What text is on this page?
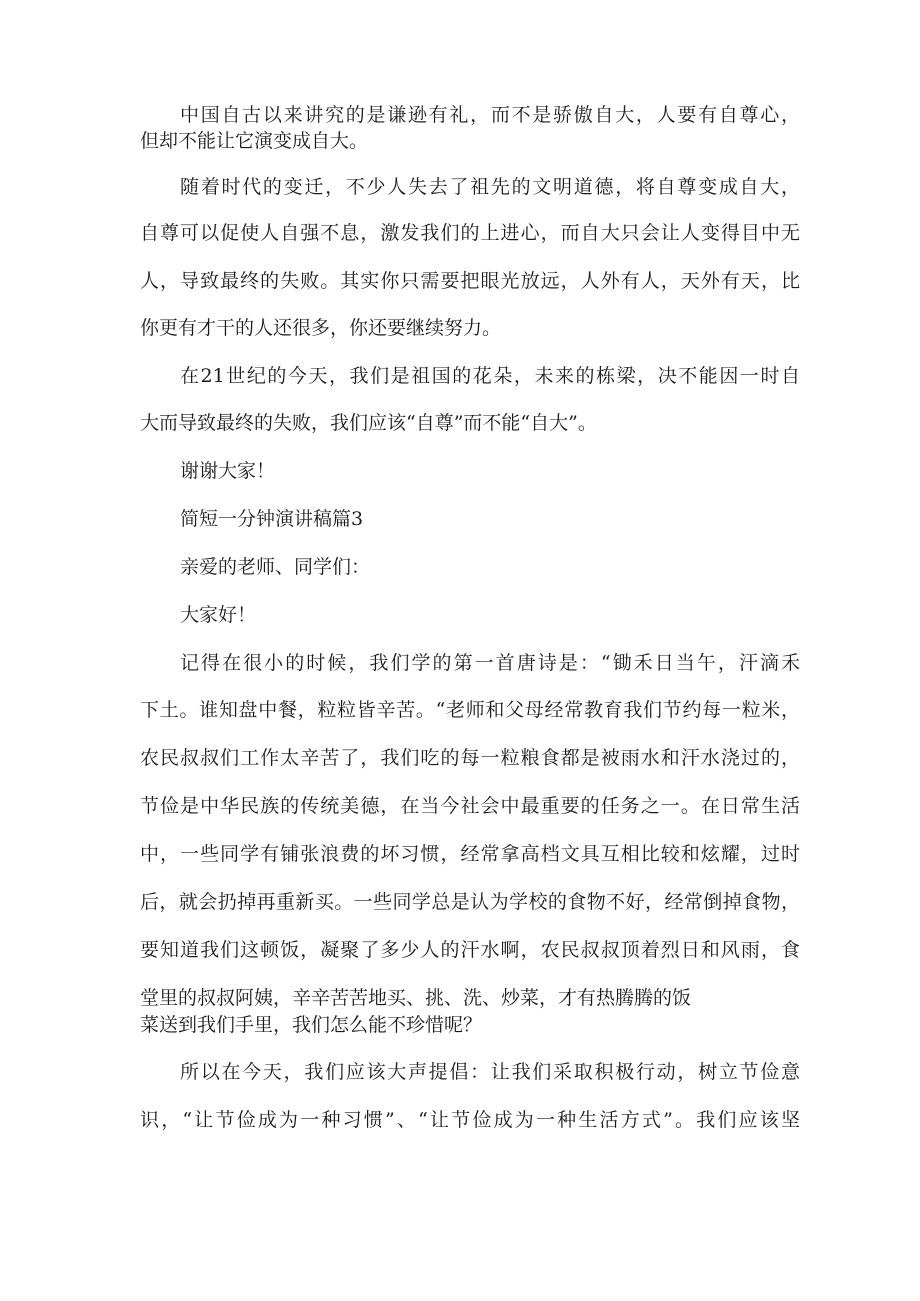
中国自古以来讲究的是谦逊有礼，而不是骄傲自大，人要有自尊心，
但却不能让它演变成自大。
随着时代的变迁，不少人失去了祖先的文明道德，将自尊变成自大，
自尊可以促使人自强不息，激发我们的上进心，而自大只会让人变得目中无
人，导致最终的失败。其实你只需要把眼光放远，人外有人，天外有天，比
你更有才干的人还很多，你还要继续努力。
在21世纪的今天，我们是祖国的花朵，未来的栋梁，决不能因一时自
大而导致最终的失败，我们应该“自尊”而不能“自大”。
谢谢大家！
简短一分钟演讲稿篇3
亲爱的老师、同学们：
大家好！
记得在很小的时候，我们学的第一首唐诗是：“锄禾日当午，汗滴禾
下土。谁知盘中餐，粒粒皆辛苦。“老师和父母经常教育我们节约每一粒米，
农民叔叔们工作太辛苦了，我们吃的每一粒粮食都是被雨水和汗水浇过的，
节俭是中华民族的传统美德，在当今社会中最重要的任务之一。在日常生活
中，一些同学有铺张浪费的坏习惯，经常拿高档文具互相比较和炫耀，过时
后，就会扔掉再重新买。一些同学总是认为学校的食物不好，经常倒掉食物，
要知道我们这顿饭，凝聚了多少人的汗水啊，农民叔叔顶着烈日和风雨，食
堂里的叔叔阿姨，辛辛苦苦地买、挑、洗、炒菜，才有热腾腾的饭
菜送到我们手里，我们怎么能不珍惜呢？
所以在今天，我们应该大声提倡：让我们采取积极行动，树立节俭意
识，“让节俭成为一种习惯”、“让节俭成为一种生活方式”。我们应该坚
